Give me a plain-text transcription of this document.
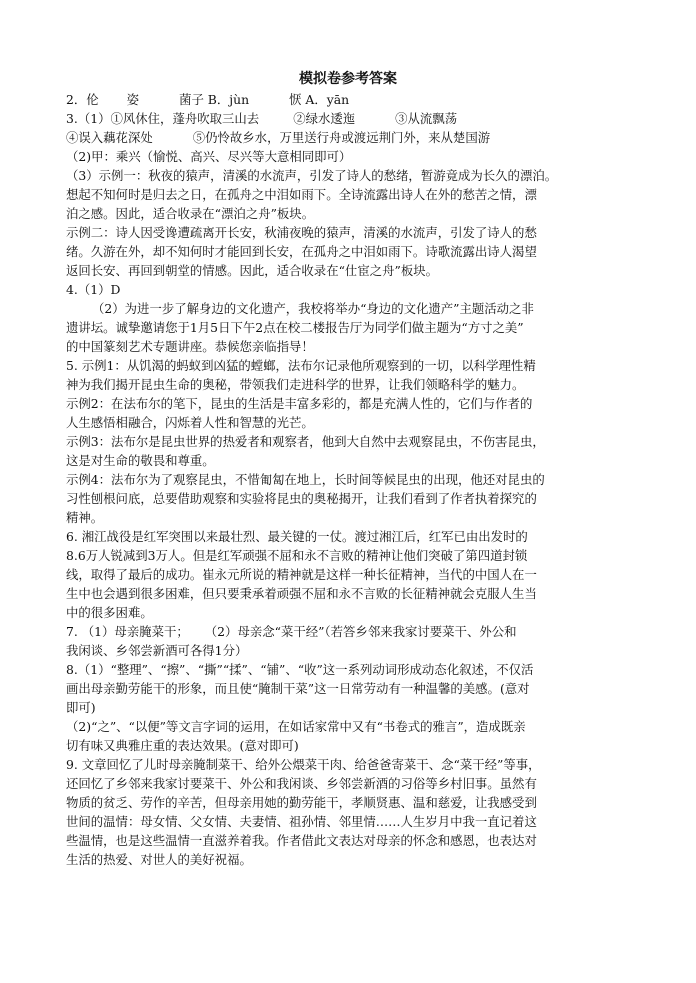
模拟卷参考答案
2．伦 姿	菌子 B．jùn	恹 A．yān
3.（1）①风休住，蓬舟吹取三山去	②绿水逶迤	③从流飘荡
④误入藕花深处	⑤仍怜故乡水，万里送行舟或渡远荆门外，来从楚国游
（2)甲：乘兴（愉悦、高兴、尽兴等大意相同即可）
（3）示例一：秋夜的猿声，清溪的水流声，引发了诗人的愁绪，暂游竟成为长久的漂泊。
想起不知何时是归去之日，在孤舟之中泪如雨下。全诗流露出诗人在外的愁苦之情，漂
泊之感。因此，适合收录在“漂泊之舟”板块。
示例二：诗人因受谗遭疏离开长安，秋浦夜晚的猿声，清溪的水流声，引发了诗人的愁
绪。久游在外，却不知何时才能回到长安，在孤舟之中泪如雨下。诗歌流露出诗人渴望
返回长安、再回到朝堂的情感。因此，适合收录在“仕宦之舟”板块。
4.（1）D
（2）为进一步了解身边的文化遗产，我校将举办“身边的文化遗产”主题活动之非
遗讲坛。诚挚邀请您于1月5日下午2点在校二楼报告厅为同学们做主题为“方寸之美”
的中国篆刻艺术专题讲座。恭候您亲临指导！
5. 示例1：从饥渴的蚂蚁到凶猛的螳螂，法布尔记录他所观察到的一切，以科学理性精
神为我们揭开昆虫生命的奥秘，带领我们走进科学的世界，让我们领略科学的魅力。
示例2：在法布尔的笔下，昆虫的生活是丰富多彩的，都是充满人性的，它们与作者的
人生感悟相融合，闪烁着人性和智慧的光芒。
示例3：法布尔是昆虫世界的热爱者和观察者，他到大自然中去观察昆虫，不伤害昆虫，
这是对生命的敬畏和尊重。
示例4：法布尔为了观察昆虫，不惜匍匐在地上，长时间等候昆虫的出现，他还对昆虫的
习性刨根问底，总要借助观察和实验将昆虫的奥秘揭开，让我们看到了作者执着探究的
精神。
6. 湘江战役是红军突围以来最壮烈、最关键的一仗。渡过湘江后，红军已由出发时的
8.6万人锐减到3万人。但是红军顽强不屈和永不言败的精神让他们突破了第四道封锁
线，取得了最后的成功。崔永元所说的精神就是这样一种长征精神，当代的中国人在一
生中也会遇到很多困难，但只要秉承着顽强不屈和永不言败的长征精神就会克服人生当
中的很多困难。
7. （1）母亲腌菜干； （2）母亲念“菜干经”（若答乡邻来我家讨要菜干、外公和
我闲谈、乡邻尝新酒可各得1分）
8.（1）“整理”、“擦”、“撕”“揉”、“铺”、“收”这一系列动词形成动态化叙述，不仅活
画出母亲勤劳能干的形象，而且使“腌制干菜”这一日常劳动有一种温馨的美感。(意对
即可)
（2)“之”、“以便”等文言字词的运用，在如话家常中又有“书卷式的雅言”，造成既亲
切有味又典雅庄重的表达效果。(意对即可)
9. 文章回忆了儿时母亲腌制菜干、给外公煨菜干肉、给爸爸寄菜干、念“菜干经”等事，
还回忆了乡邻来我家讨要菜干、外公和我闲谈、乡邻尝新酒的习俗等乡村旧事。虽然有
物质的贫乏、劳作的辛苦，但母亲用她的勤劳能干，孝顺贤惠、温和慈爱，让我感受到
世间的温情：母女情、父女情、夫妻情、祖孙情、邻里情……人生岁月中我一直记着这
些温情，也是这些温情一直滋养着我。作者借此文表达对母亲的怀念和感恩，也表达对
生活的热爱、对世人的美好祝福。
